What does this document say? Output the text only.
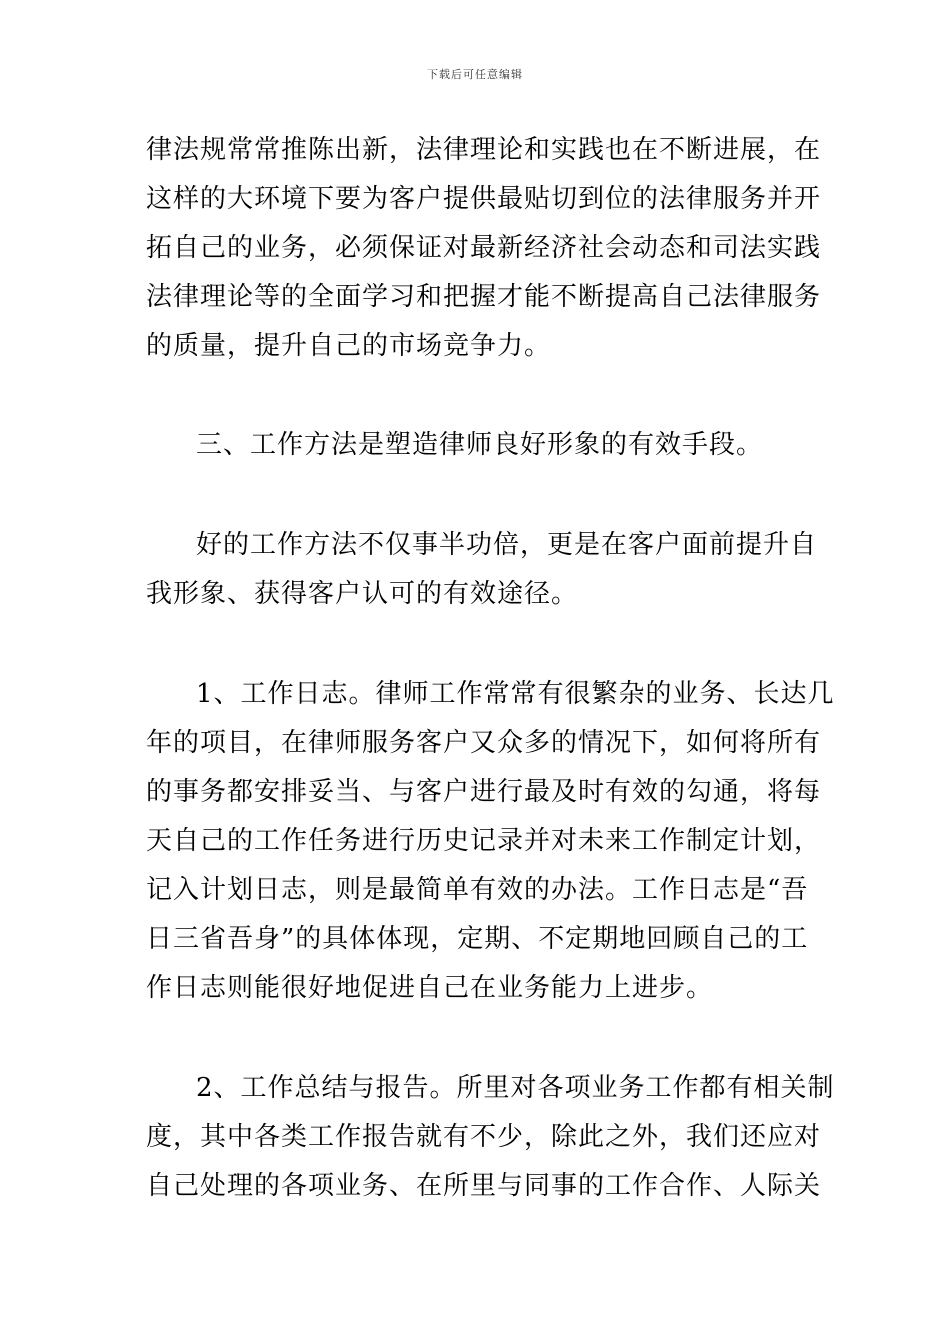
下载后可任意编辑
律法规常常推陈出新，法律理论和实践也在不断进展，在
这样的大环境下要为客户提供最贴切到位的法律服务并开
拓自己的业务，必须保证对最新经济社会动态和司法实践
法律理论等的全面学习和把握才能不断提高自己法律服务
的质量，提升自己的市场竞争力。
三、工作方法是塑造律师良好形象的有效手段。
好的工作方法不仅事半功倍，更是在客户面前提升自
我形象、获得客户认可的有效途径。
1、工作日志。律师工作常常有很繁杂的业务、长达几
年的项目，在律师服务客户又众多的情况下，如何将所有
的事务都安排妥当、与客户进行最及时有效的勾通，将每
天自己的工作任务进行历史记录并对未来工作制定计划，
记入计划日志，则是最简单有效的办法。工作日志是“吾
日三省吾身”的具体体现，定期、不定期地回顾自己的工
作日志则能很好地促进自己在业务能力上进步。
2、工作总结与报告。所里对各项业务工作都有相关制
度，其中各类工作报告就有不少，除此之外，我们还应对
自己处理的各项业务、在所里与同事的工作合作、人际关
